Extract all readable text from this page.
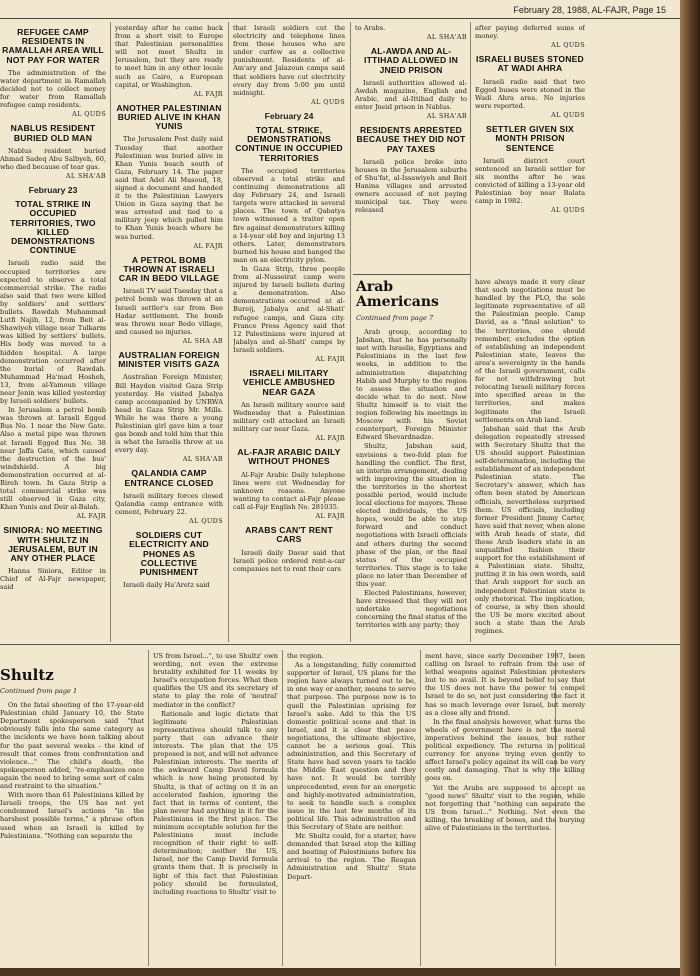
February 28, 1988, AL-FAJR, Page 15
REFUGEE CAMP RESIDENTS IN RAMALLAH AREA WILL NOT PAY FOR WATER

The administration of the water department in Ramallah decided not to collect money for water from Ramallah refugee camp residents.

AL QUDS
NABLUS RESIDENT BURIED OLD MAN

Nablus resident buried Ahmad Sadeq Abu Salbyeh, 60, who died because of tear gas.

AL SHA'AB
February 23
TOTAL STRIKE IN OCCUPIED TERRITORIES, TWO KILLED DEMONSTRATIONS CONTINUE

Israeli radio said the occupied territories are expected to observe a total commercial strike. The radio also said that two were killed by soldiers' and settlers' bullets. Rawdah Muhammad Lutfi Najib, 12, from Beit al-Shawiyeh village near Tulkarm was killed by settlers' bullets. His body was moved to a hidden hospital. A large demonstration occurred after the burial of Rawdah. Muhammad Ha'mad Hosheh, 13, from al-Yamoun village near Jenin was killed yesterday by Israeli soldiers' bullets.

In Jerusalem a petrol bomb was thrown at Israeli Egged Bus No. 1 near the New Gate. Also a metal pipe was thrown at Israeli Egged Bus No. 38 near Jaffa Gate, which caused the destruction of the bus' windshield. A big demonstration occurred at al-Bireh town. In Gaza Strip a total commercial strike was still observed in Gaza city, Khan Yunis and Deir al-Balah.

AL FAJR
SINIORA: NO MEETING WITH SHULTZ IN JERUSALEM, BUT IN ANY OTHER PLACE

Hanna Siniora, Editor in Chief of Al-Fajr newspaper, said

yesterday after he came back from a short visit to Europe that Palestinian personalities will not meet Shultz in Jerusalem, but they are ready to meet him in any other locale such as Cairo, a European capital, or Washington.

AL FAJR
ANOTHER PALESTINIAN BURIED ALIVE IN KHAN YUNIS

The Jerusalem Post daily said Tuesday that another Palestinian was buried alive in Khan Yunis beach south of Gaza, February 14. The paper said that Adel Ali Masoud, 18, signed a document and handed it to the Palestinian Lawyers Union in Gaza saying that he was arrested and tied to a military jeep which pulled him to Khan Yunis beach where he was buried.

AL FAJR
A PETROL BOMB THROWN AT ISRAELI CAR IN BEDO VILLAGE

Israeli TV said Tuesday that a petrol bomb was thrown at an Israeli settler's car from Bee Hadar settlement. The bomb was thrown near Bedo village, and caused no injuries.

AL SHA AB
AUSTRALIAN FOREIGN MINISTER VISITS GAZA

Australian Foreign Minister, Bill Hayden visited Gaza Strip yesterday. He visited Jabalya camp accompanied by UNRWA head in Gaza Strip Mr. Mills. While he was there a young Palestinian girl gave him a tear gas bomb and told him that this is what the Israelis throw at us every day.

AL SHA'AB
QALANDIA CAMP ENTRANCE CLOSED

Israeli military forces closed Qalandia camp entrance with cement, February 22.

AL QUDS
SOLDIERS CUT ELECTRICITY AND PHONES AS COLLECTIVE PUNISHMENT

Israeli daily Ha'Aretz said

that Israeli soldiers cut the electricity and telephone lines from those houses who are under curfew as a collective punishment. Residents of al-Am'ary and Jalazoun camps said that soldiers have cut electricity every day from 5:00 pm until midnight.

AL QUDS
February 24
TOTAL STRIKE, DEMONSTRATIONS CONTINUE IN OCCUPIED TERRITORIES

The occupied territories observed a total strike and continuing demonstrations all day February 24, and Israeli targets were attacked in several places. The town of Qabatya town witnessed a traitor open fire against demonstrators killing a 14-year old boy and injuring 13 others. Later, demonstrators burned his house and hanged the man on an electricity pylon.

In Gaza Strip, three people from al-Nusseirat camp were injured by Israeli bullets during a demonstration. Also demonstrations occurred at al-Bureij, Jabalya and al-Shati' refugee camps, and Gaza city. France Press Agency said that 12 Palestinians were injured at Jabalya and al-Shati' camps by Israeli soldiers.

AL FAJR
ISRAELI MILITARY VEHICLE AMBUSHED NEAR GAZA

An Israeli military source said Wednesday that a Palestinian military cell attacked an Israeli military car near Gaza.

AL FAJR
AL-FAJR ARABIC DAILY WITHOUT PHONES

Al-Fajr Arabic Daily telephone lines were cut Wednesday for unknown reasons. Anyone wanting to contact al-Fajr please call al-Fajr English No. 281035.

AL FAJR
ARABS CAN'T RENT CARS

Israeli daily Davar said that Israeli police ordered rent-a-car companies not to rent their cars

to Arabs.

AL SHA'AB
AL-AWDA AND AL-ITTIHAD ALLOWED IN JNEID PRISON

Israeli authorities allowed al-Awdah magazine, English and Arabic, and al-Ittihad daily to enter Jneid prison in Nablus.

AL SHA'AB
RESIDENTS ARRESTED BECAUSE THEY DID NOT PAY TAXES

Israeli police broke into houses in the Jerusalem suburbs of Shu'fat, al-Issawiyeh and Beit Hanina villages and arrested owners accused of not paying municipal tax. They were released

after paying deferred sums of money.

AL QUDS
ISRAELI BUSES STONED AT WADI AHRA

Israeli radio said that two Egged buses were stoned in the Wadi Ahra area. No injuries were reported.

AL QUDS
SETTLER GIVEN SIX MONTH PRISON SENTENCE

Israeli district court sentenced an Israeli settler for six months after he was convicted of killing a 13-year old Palestinian boy near Balata camp in 1982.

AL QUDS
Arab Americans
Continued from page 7

Arab group, according to Jabshan, that he has personally met with Israelis, Egyptians and Palestinians in the last few weeks, in addition to the administration dispatching Habib and Murphy to the region to assess the situation and decide what to do next. Now Shultz himself is to visit the region following his meetings in Moscow with his Soviet counterpart, Foreign Minister Edward Shevardnadze.

Shultz, Jabshan said, envisions a two-fold plan for handling the conflict. The first, an interim arrangement, dealing with improving the situation in the territories in the shortest possible period, would include local elections for mayors. Those elected individuals, the US hopes, would be able to step forward and conduct negotiations with Israeli officials and others during the second phase of the plan, or the final status of the occupied territories. This stage is to take place no later than December of this year.

Elected Palestinians, however, have stressed that they will not undertake negotiations concerning the final status of the territories with any party; they

have always made it very clear that such negotiations must be handled by the PLO, the sole legitimate representative of all the Palestinian people. Camp David, as a "final solution" to the territories, one should remember, excludes the option of establishing an independent Palestinian state, leaves the area's sovereignty in the hands of the Israeli government, calls for not withdrawing but relocating Israeli military forces into specified areas in the territories, and makes legitimate the Israeli settlements on Arab land.

Jabshan said that the Arab delegation repeatedly stressed with Secretary Shultz that the US should support Palestinian self-determination, including the establishment of an independent Palestinian state. The Secretary's answer, which has often been stated by American officials, nevertheless surprised them. US officials, including former President Jimmy Carter, have said that never, when alone with Arab heads of state, did these Arab leaders state in an unqualified fashion their support for the establishment of a Palestinian state. Shultz, putting it in his own words, said that Arab support for such an independent Palestinian state is only rhetorical. The implication, of course, is why then should the US be more excited about such a state than the Arab regimes.

Shultz
Continued from page 1

On the fatal shooting of the 17-year-old Palestinian child January 10, the State Department spokesperson said "that obviously falls into the same category as the incidents we have been talking about for the past several weeks - the kind of result that comes from confrontation and violence..." The child's death, the spokesperson added, "re-emphasizes once again the need to bring some sort of calm and restraint to the situation."

With more than 61 Palestinians killed by Israeli troops, the US has not yet condemned Israel's actions "in the harshest possible terms," a phrase often used when an Israeli is killed by Palestinians. "Nothing can separate the

US from Israel...", to use Shultz' own wording, not even the extreme brutality exhibited for 11 weeks by Israel's occupation forces. What then qualifies the US and its secretary of state to play the role of 'neutral' mediator in the conflict?

Rationale and logic dictate that legitimate Palestinian representatives should talk to any party that can advance their interests. The plan that the US proposed is not, and will not advance Palestinian interests. The merits of the awkward Camp David formula which is now being promoted by Shultz, is that of acting on it in an accelerated fashion, ignoring the fact that in terms of content, the plan never had anything in it for the Palestinians in the first place. The minimum acceptable solution for the Palestinians must include recognition of their right to self-determination; neither the US, Israel, nor the Camp David formula grants them that. It is precisely in light of this fact that Palestinian policy should be formulated, including reactions to Shultz' visit to

the region.

As a longstanding, fully committed supporter of Israel, US plans for the region have always turned out to be, in one way or another, means to serve that purpose. The purpose now is to quell the Palestinian uprising for Israel's sake. Add to this the US domestic political scene and that in Israel, and it is clear that peace negotiations, the ultimate objective, cannot be a serious goal. This administration, and this Secretary of State have had seven years to tackle the Middle East question and they have not. It would be terribly unprecedented, even for an energetic and highly-motivated administration, to seek to handle such a complex issue in the last few months of its political life. This administration and this Secretary of State are neither.

Mr. Shultz could, for a starter, have demanded that Israel stop the killing and beating of Palestinians before his arrival to the region. The Reagan Administration and Shultz' State Depart-

ment have, since early December 1987, been calling on Israel to refrain from the use of lethal weapons against Palestinian protesters but to no avail. It is beyond belief to say that the US does not have the power to compel Israel to do so, not just considering the fact it has so much leverage over Israel, but merely as a close ally and friend.

In the final analysis however, what turns the wheels of government here is not the moral imperatives behind the issues, but rather political expediency. The returns in political currency for anyone trying even gently to affect Israel's policy against its will can be very costly and damaging. That is why the killing goes on.

Yet the Arabs are supposed to accept as "good news" Shultz' visit to the region, while not forgetting that "nothing can separate the US from Israel..." Nothing. Not even the killing, the breaking of bones, and the burying alive of Palestinians in the territories.
